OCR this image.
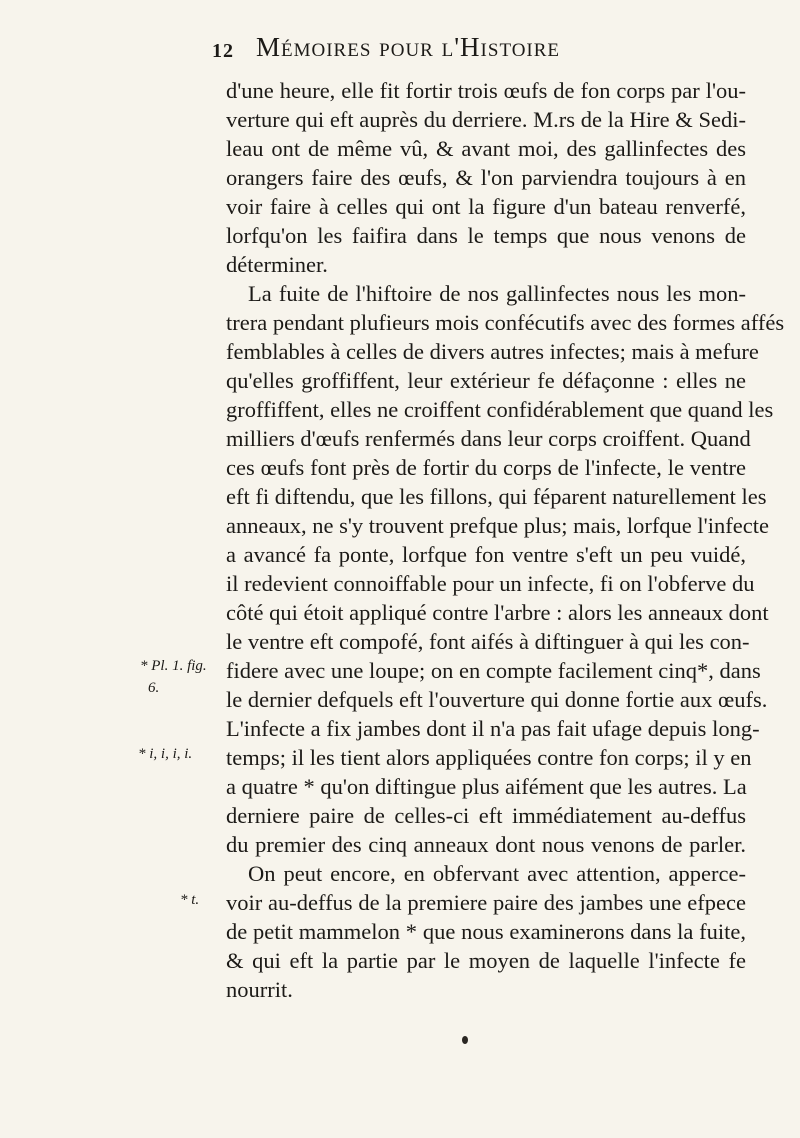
12 Mémoires pour l'Histoire
d'une heure, elle fit fortir trois œufs de fon corps par l'ou-
verture qui eft auprès du derriere. M.rs de la Hire & Sedi-
leau ont de même vû, & avant moi, des gallinfectes des
orangers faire des œufs, & l'on parviendra toujours à en
voir faire à celles qui ont la figure d'un bateau renverfé,
lorfqu'on les faifira dans le temps que nous venons de
déterminer.
La fuite de l'hiftoire de nos gallinfectes nous les mon-
trera pendant plufieurs mois confécutifs avec des formes affés
femblables à celles de divers autres infectes; mais à mefure
qu'elles groffiffent, leur extérieur fe défaçonne : elles ne
groffiffent, elles ne croiffent confidérablement que quand les
milliers d'œufs renfermés dans leur corps croiffent. Quand
ces œufs font près de fortir du corps de l'infecte, le ventre
eft fi diftendu, que les fillons, qui féparent naturellement les
anneaux, ne s'y trouvent prefque plus; mais, lorfque l'infecte
a avancé fa ponte, lorfque fon ventre s'eft un peu vuidé,
il redevient connoiffable pour un infecte, fi on l'obferve du
côté qui étoit appliqué contre l'arbre : alors les anneaux dont
le ventre eft compofé, font aifés à diftinguer à qui les con-
fidere avec une loupe; on en compte facilement cinq*, dans
le dernier defquels eft l'ouverture qui donne fortie aux œufs.
L'infecte a fix jambes dont il n'a pas fait ufage depuis long-
temps; il les tient alors appliquées contre fon corps; il y en
a quatre * qu'on diftingue plus aifément que les autres. La
derniere paire de celles-ci eft immédiatement au-deffus
du premier des cinq anneaux dont nous venons de parler.
On peut encore, en obfervant avec attention, apperce-
voir au-deffus de la premiere paire des jambes une efpece
de petit mammelon * que nous examinerons dans la fuite,
& qui eft la partie par le moyen de laquelle l'infecte fe
nourrit.
* Pl. 1. fig.
6.
* i, i, i, i.
* t.
